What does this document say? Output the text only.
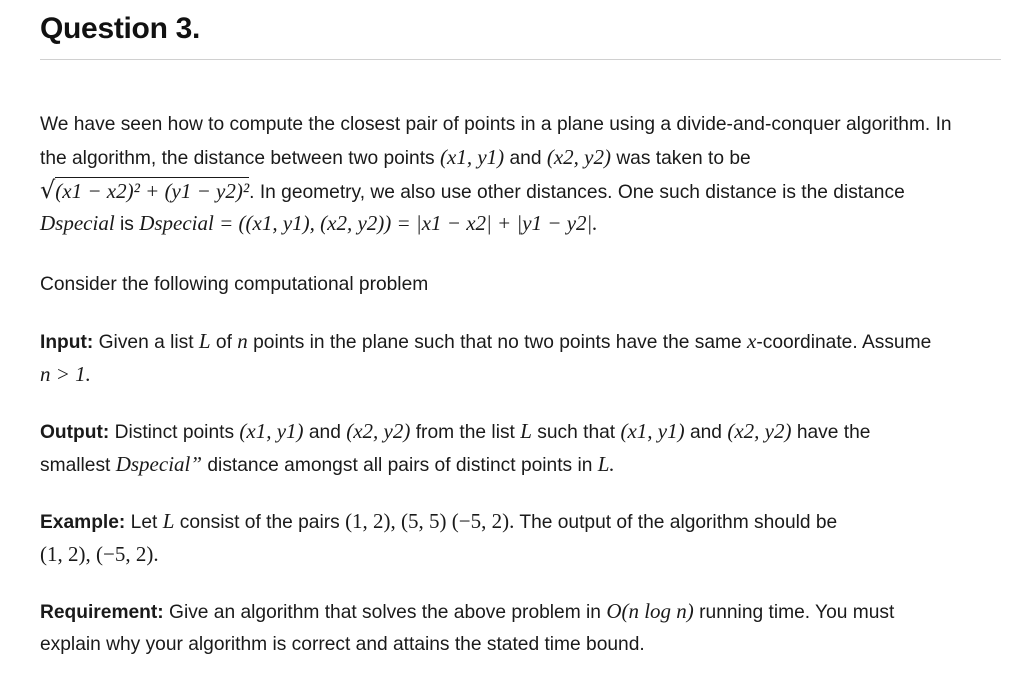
Question 3.
We have seen how to compute the closest pair of points in a plane using a divide-and-conquer algorithm. In
the algorithm, the distance between two points (x1, y1) and (x2, y2) was taken to be
√(x1 − x2)² + (y1 − y2)². In geometry, we also use other distances. One such distance is the distance
Dspecial is Dspecial = ((x1, y1), (x2, y2)) = |x1 − x2| + |y1 − y2|.
Consider the following computational problem
Input: Given a list L of n points in the plane such that no two points have the same x-coordinate. Assume
n > 1.
Output: Distinct points (x1, y1) and (x2, y2) from the list L such that (x1, y1) and (x2, y2) have the
smallest Dspecial” distance amongst all pairs of distinct points in L.
Example: Let L consist of the pairs (1, 2), (5, 5) (−5, 2). The output of the algorithm should be
(1, 2), (−5, 2).
Requirement: Give an algorithm that solves the above problem in O(n log n) running time. You must
explain why your algorithm is correct and attains the stated time bound.
